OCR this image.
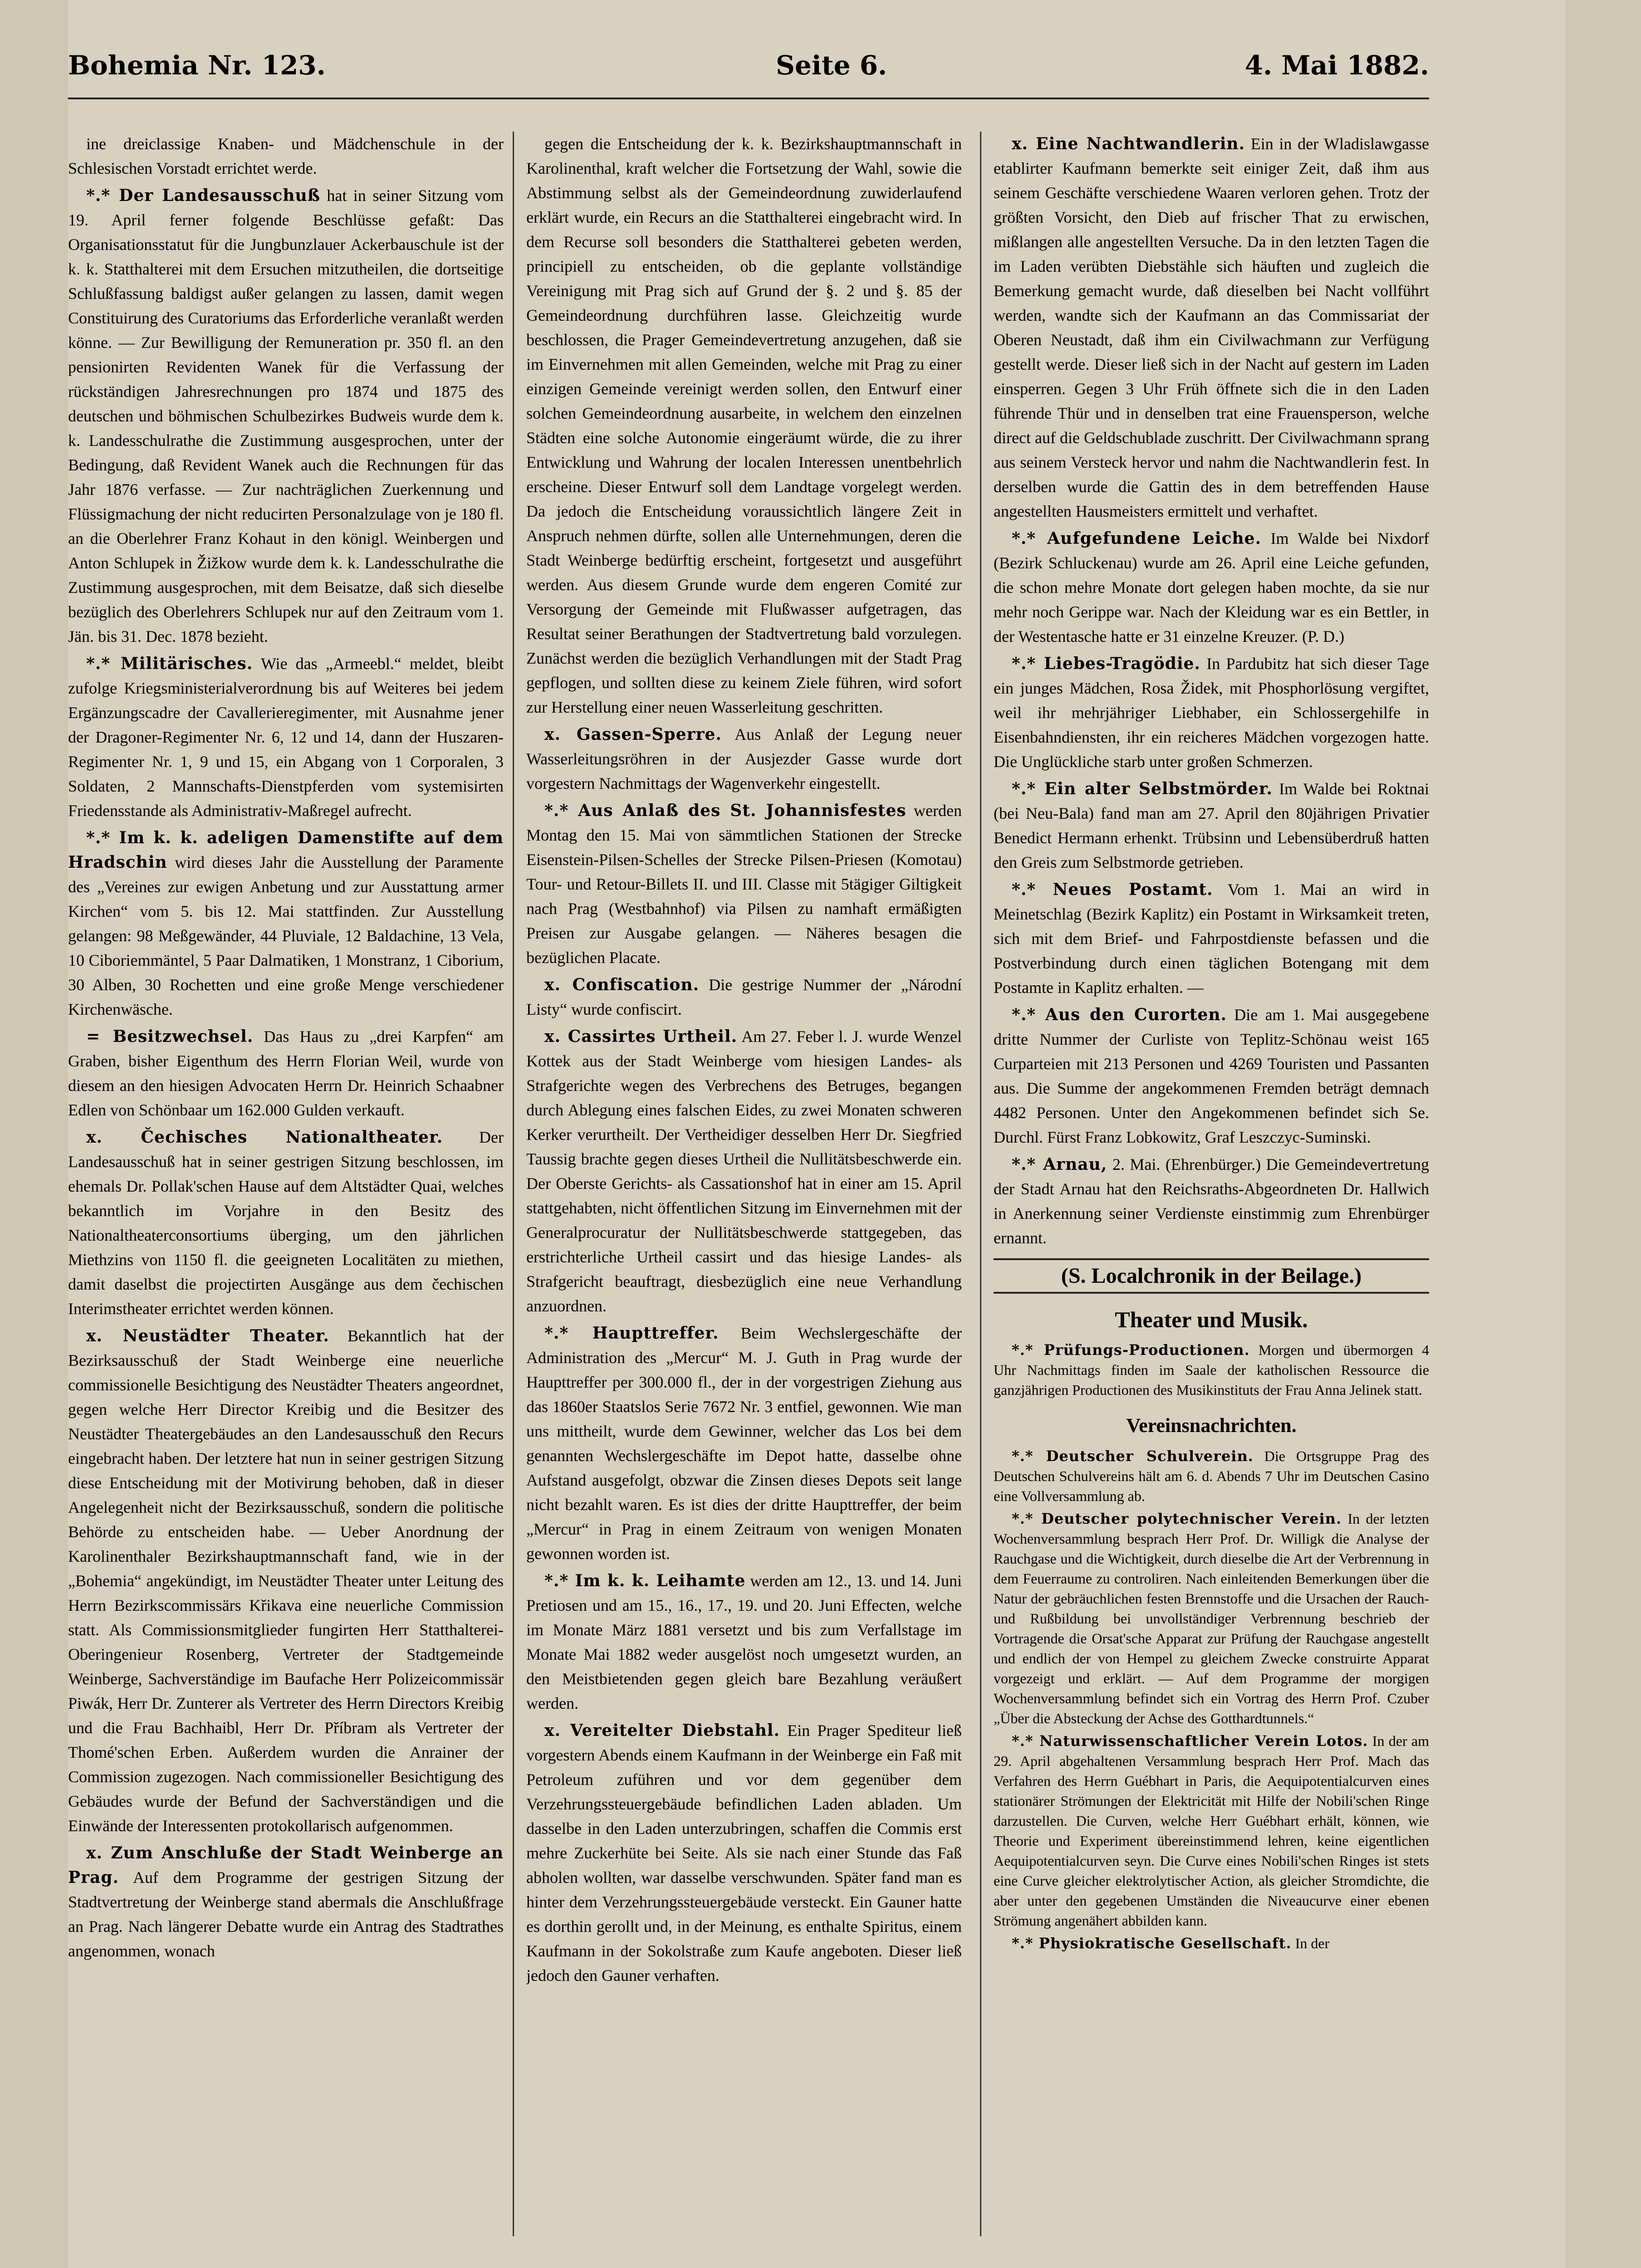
Bohemia Nr. 123.	Seite 6.	4. Mai 1882.

ine dreiclassige Knaben- und Mädchenschule in der Schlesischen Vorstadt errichtet werde.

*.* Der Landesausschuß hat in seiner Sitzung vom 19. April ferner folgende Beschlüsse gefaßt: Das Organisationsstatut für die Jungbunzlauer Ackerbauschule ist der k. k. Statthalterei mit dem Ersuchen mitzutheilen, die dortseitige Schlußfassung baldigst außer gelangen zu lassen, damit wegen Constituirung des Curatoriums das Erforderliche veranlaßt werden könne. — Zur Bewilligung der Remuneration pr. 350 fl. an den pensionirten Revidenten Wanek für die Verfassung der rückständigen Jahresrechnungen pro 1874 und 1875 des deutschen und böhmischen Schulbezirkes Budweis wurde dem k. k. Landesschulrathe die Zustimmung ausgesprochen, unter der Bedingung, daß Revident Wanek auch die Rechnungen für das Jahr 1876 verfasse. — Zur nachträglichen Zuerkennung und Flüssigmachung der nicht reducirten Personalzulage von je 180 fl. an die Oberlehrer Franz Kohaut in den königl. Weinbergen und Anton Schlupek in Žižkow wurde dem k. k. Landesschulrathe die Zustimmung ausgesprochen, mit dem Beisatze, daß sich dieselbe bezüglich des Oberlehrers Schlupek nur auf den Zeitraum vom 1. Jän. bis 31. Dec. 1878 bezieht.

*.* Militärisches. Wie das „Armeebl.“ meldet, bleibt zufolge Kriegsministerialverordnung bis auf Weiteres bei jedem Ergänzungscadre der Cavallerieregimenter, mit Ausnahme jener der Dragoner-Regimenter Nr. 6, 12 und 14, dann der Huszaren-Regimenter Nr. 1, 9 und 15, ein Abgang von 1 Corporalen, 3 Soldaten, 2 Mannschafts-Dienstpferden vom systemisirten Friedensstande als Administrativ-Maßregel aufrecht.

*.* Im k. k. adeligen Damenstifte auf dem Hradschin wird dieses Jahr die Ausstellung der Paramente des „Vereines zur ewigen Anbetung und zur Ausstattung armer Kirchen“ vom 5. bis 12. Mai stattfinden. Zur Ausstellung gelangen: 98 Meßgewänder, 44 Pluviale, 12 Baldachine, 13 Vela, 10 Ciboriemmäntel, 5 Paar Dalmatiken, 1 Monstranz, 1 Ciborium, 30 Alben, 30 Rochetten und eine große Menge verschiedener Kirchenwäsche.

= Besitzwechsel. Das Haus zu „drei Karpfen“ am Graben, bisher Eigenthum des Herrn Florian Weil, wurde von diesem an den hiesigen Advocaten Herrn Dr. Heinrich Schaabner Edlen von Schönbaar um 162.000 Gulden verkauft.

x. Čechisches Nationaltheater. Der Landesausschuß hat in seiner gestrigen Sitzung beschlossen, im ehemals Dr. Pollak'schen Hause auf dem Altstädter Quai, welches bekanntlich im Vorjahre in den Besitz des Nationaltheaterconsortiums überging, um den jährlichen Miethzins von 1150 fl. die geeigneten Localitäten zu miethen, damit daselbst die projectirten Ausgänge aus dem čechischen Interimstheater errichtet werden können.

x. Neustädter Theater. Bekanntlich hat der Bezirksausschuß der Stadt Weinberge eine neuerliche commissionelle Besichtigung des Neustädter Theaters angeordnet, gegen welche Herr Director Kreibig und die Besitzer des Neustädter Theatergebäudes an den Landesausschuß den Recurs eingebracht haben. Der letztere hat nun in seiner gestrigen Sitzung diese Entscheidung mit der Motivirung behoben, daß in dieser Angelegenheit nicht der Bezirksausschuß, sondern die politische Behörde zu entscheiden habe. — Ueber Anordnung der Karolinenthaler Bezirkshauptmannschaft fand, wie in der „Bohemia“ angekündigt, im Neustädter Theater unter Leitung des Herrn Bezirkscommissärs Křikava eine neuerliche Commission statt. Als Commissionsmitglieder fungirten Herr Statthalterei-Oberingenieur Rosenberg, Vertreter der Stadtgemeinde Weinberge, Sachverständige im Baufache Herr Polizeicommissär Piwák, Herr Dr. Zunterer als Vertreter des Herrn Directors Kreibig und die Frau Bachhaibl, Herr Dr. Příbram als Vertreter der Thomé'schen Erben. Außerdem wurden die Anrainer der Commission zugezogen. Nach commissioneller Besichtigung des Gebäudes wurde der Befund der Sachverständigen und die Einwände der Interessenten protokollarisch aufgenommen.

x. Zum Anschluße der Stadt Weinberge an Prag. Auf dem Programme der gestrigen Sitzung der Stadtvertretung der Weinberge stand abermals die Anschlußfrage an Prag. Nach längerer Debatte wurde ein Antrag des Stadtrathes angenommen, wonach

gegen die Entscheidung der k. k. Bezirkshauptmannschaft in Karolinenthal, kraft welcher die Fortsetzung der Wahl, sowie die Abstimmung selbst als der Gemeindeordnung zuwiderlaufend erklärt wurde, ein Recurs an die Statthalterei eingebracht wird. In dem Recurse soll besonders die Statthalterei gebeten werden, principiell zu entscheiden, ob die geplante vollständige Vereinigung mit Prag sich auf Grund der §. 2 und §. 85 der Gemeindeordnung durchführen lasse. Gleichzeitig wurde beschlossen, die Prager Gemeindevertretung anzugehen, daß sie im Einvernehmen mit allen Gemeinden, welche mit Prag zu einer einzigen Gemeinde vereinigt werden sollen, den Entwurf einer solchen Gemeindeordnung ausarbeite, in welchem den einzelnen Städten eine solche Autonomie eingeräumt würde, die zu ihrer Entwicklung und Wahrung der localen Interessen unentbehrlich erscheine. Dieser Entwurf soll dem Landtage vorgelegt werden. Da jedoch die Entscheidung voraussichtlich längere Zeit in Anspruch nehmen dürfte, sollen alle Unternehmungen, deren die Stadt Weinberge bedürftig erscheint, fortgesetzt und ausgeführt werden. Aus diesem Grunde wurde dem engeren Comité zur Versorgung der Gemeinde mit Flußwasser aufgetragen, das Resultat seiner Berathungen der Stadtvertretung bald vorzulegen. Zunächst werden die bezüglich Verhandlungen mit der Stadt Prag gepflogen, und sollten diese zu keinem Ziele führen, wird sofort zur Herstellung einer neuen Wasserleitung geschritten.

x. Gassen-Sperre. Aus Anlaß der Legung neuer Wasserleitungsröhren in der Ausjezder Gasse wurde dort vorgestern Nachmittags der Wagenverkehr eingestellt.

*.* Aus Anlaß des St. Johannisfestes werden Montag den 15. Mai von sämmtlichen Stationen der Strecke Eisenstein-Pilsen-Schelles der Strecke Pilsen-Priesen (Komotau) Tour- und Retour-Billets II. und III. Classe mit 5tägiger Giltigkeit nach Prag (Westbahnhof) via Pilsen zu namhaft ermäßigten Preisen zur Ausgabe gelangen. — Näheres besagen die bezüglichen Placate.

x. Confiscation. Die gestrige Nummer der „Národní Listy“ wurde confiscirt.

x. Cassirtes Urtheil. Am 27. Feber l. J. wurde Wenzel Kottek aus der Stadt Weinberge vom hiesigen Landes- als Strafgerichte wegen des Verbrechens des Betruges, begangen durch Ablegung eines falschen Eides, zu zwei Monaten schweren Kerker verurtheilt. Der Vertheidiger desselben Herr Dr. Siegfried Taussig brachte gegen dieses Urtheil die Nullitätsbeschwerde ein. Der Oberste Gerichts- als Cassationshof hat in einer am 15. April stattgehabten, nicht öffentlichen Sitzung im Einvernehmen mit der Generalprocuratur der Nullitätsbeschwerde stattgegeben, das erstrichterliche Urtheil cassirt und das hiesige Landes- als Strafgericht beauftragt, diesbezüglich eine neue Verhandlung anzuordnen.

*.* Haupttreffer. Beim Wechslergeschäfte der Administration des „Mercur“ M. J. Guth in Prag wurde der Haupttreffer per 300.000 fl., der in der vorgestrigen Ziehung aus das 1860er Staatslos Serie 7672 Nr. 3 entfiel, gewonnen. Wie man uns mittheilt, wurde dem Gewinner, welcher das Los bei dem genannten Wechslergeschäfte im Depot hatte, dasselbe ohne Aufstand ausgefolgt, obzwar die Zinsen dieses Depots seit lange nicht bezahlt waren. Es ist dies der dritte Haupttreffer, der beim „Mercur“ in Prag in einem Zeitraum von wenigen Monaten gewonnen worden ist.

*.* Im k. k. Leihamte werden am 12., 13. und 14. Juni Pretiosen und am 15., 16., 17., 19. und 20. Juni Effecten, welche im Monate März 1881 versetzt und bis zum Verfallstage im Monate Mai 1882 weder ausgelöst noch umgesetzt wurden, an den Meistbietenden gegen gleich bare Bezahlung veräußert werden.

x. Vereitelter Diebstahl. Ein Prager Spediteur ließ vorgestern Abends einem Kaufmann in der Weinberge ein Faß mit Petroleum zuführen und vor dem gegenüber dem Verzehrungssteuergebäude befindlichen Laden abladen. Um dasselbe in den Laden unterzubringen, schaffen die Commis erst mehre Zuckerhüte bei Seite. Als sie nach einer Stunde das Faß abholen wollten, war dasselbe verschwunden. Später fand man es hinter dem Verzehrungssteuergebäude versteckt. Ein Gauner hatte es dorthin gerollt und, in der Meinung, es enthalte Spiritus, einem Kaufmann in der Sokolstraße zum Kaufe angeboten. Dieser ließ jedoch den Gauner verhaften.

x. Eine Nachtwandlerin. Ein in der Wladislawgasse etablirter Kaufmann bemerkte seit einiger Zeit, daß ihm aus seinem Geschäfte verschiedene Waaren verloren gehen. Trotz der größten Vorsicht, den Dieb auf frischer That zu erwischen, mißlangen alle angestellten Versuche. Da in den letzten Tagen die im Laden verübten Diebstähle sich häuften und zugleich die Bemerkung gemacht wurde, daß dieselben bei Nacht vollführt werden, wandte sich der Kaufmann an das Commissariat der Oberen Neustadt, daß ihm ein Civilwachmann zur Verfügung gestellt werde. Dieser ließ sich in der Nacht auf gestern im Laden einsperren. Gegen 3 Uhr Früh öffnete sich die in den Laden führende Thür und in denselben trat eine Frauensperson, welche direct auf die Geldschublade zuschritt. Der Civilwachmann sprang aus seinem Versteck hervor und nahm die Nachtwandlerin fest. In derselben wurde die Gattin des in dem betreffenden Hause angestellten Hausmeisters ermittelt und verhaftet.

*.* Aufgefundene Leiche. Im Walde bei Nixdorf (Bezirk Schluckenau) wurde am 26. April eine Leiche gefunden, die schon mehre Monate dort gelegen haben mochte, da sie nur mehr noch Gerippe war. Nach der Kleidung war es ein Bettler, in der Westentasche hatte er 31 einzelne Kreuzer. (P. D.)

*.* Liebes-Tragödie. In Pardubitz hat sich dieser Tage ein junges Mädchen, Rosa Židek, mit Phosphorlösung vergiftet, weil ihr mehrjähriger Liebhaber, ein Schlossergehilfe in Eisenbahndiensten, ihr ein reicheres Mädchen vorgezogen hatte. Die Unglückliche starb unter großen Schmerzen.

*.* Ein alter Selbstmörder. Im Walde bei Roktnai (bei Neu-Bala) fand man am 27. April den 80jährigen Privatier Benedict Hermann erhenkt. Trübsinn und Lebensüberdruß hatten den Greis zum Selbstmorde getrieben.

*.* Neues Postamt. Vom 1. Mai an wird in Meinetschlag (Bezirk Kaplitz) ein Postamt in Wirksamkeit treten, sich mit dem Brief- und Fahrpostdienste befassen und die Postverbindung durch einen täglichen Botengang mit dem Postamte in Kaplitz erhalten. —

*.* Aus den Curorten. Die am 1. Mai ausgegebene dritte Nummer der Curliste von Teplitz-Schönau weist 165 Curparteien mit 213 Personen und 4269 Touristen und Passanten aus. Die Summe der angekommenen Fremden beträgt demnach 4482 Personen. Unter den Angekommenen befindet sich Se. Durchl. Fürst Franz Lobkowitz, Graf Leszczyc-Suminski.

*.* Arnau, 2. Mai. (Ehrenbürger.) Die Gemeindevertretung der Stadt Arnau hat den Reichsraths-Abgeordneten Dr. Hallwich in Anerkennung seiner Verdienste einstimmig zum Ehrenbürger ernannt.

(S. Localchronik in der Beilage.)
Theater und Musik.

*.* Prüfungs-Productionen. Morgen und übermorgen 4 Uhr Nachmittags finden im Saale der katholischen Ressource die ganzjährigen Productionen des Musikinstituts der Frau Anna Jelinek statt.

Vereinsnachrichten.

*.* Deutscher Schulverein. Die Ortsgruppe Prag des Deutschen Schulvereins hält am 6. d. Abends 7 Uhr im Deutschen Casino eine Vollversammlung ab.

*.* Deutscher polytechnischer Verein. In der letzten Wochenversammlung besprach Herr Prof. Dr. Willigk die Analyse der Rauchgase und die Wichtigkeit, durch dieselbe die Art der Verbrennung in dem Feuerraume zu controliren. Nach einleitenden Bemerkungen über die Natur der gebräuchlichen festen Brennstoffe und die Ursachen der Rauch- und Rußbildung bei unvollständiger Verbrennung beschrieb der Vortragende die Orsat'sche Apparat zur Prüfung der Rauchgase angestellt und endlich der von Hempel zu gleichem Zwecke construirte Apparat vorgezeigt und erklärt. — Auf dem Programme der morgigen Wochenversammlung befindet sich ein Vortrag des Herrn Prof. Czuber „Über die Absteckung der Achse des Gotthardtunnels.“

*.* Naturwissenschaftlicher Verein Lotos. In der am 29. April abgehaltenen Versammlung besprach Herr Prof. Mach das Verfahren des Herrn Guébhart in Paris, die Aequipotentialcurven eines stationärer Strömungen der Elektricität mit Hilfe der Nobili'schen Ringe darzustellen. Die Curven, welche Herr Guébhart erhält, können, wie Theorie und Experiment übereinstimmend lehren, keine eigentlichen Aequipotentialcurven seyn. Die Curve eines Nobili'schen Ringes ist stets eine Curve gleicher elektrolytischer Action, als gleicher Stromdichte, die aber unter den gegebenen Umständen die Niveaucurve einer ebenen Strömung angenähert abbilden kann.

*.* Physiokratische Gesellschaft. In der
